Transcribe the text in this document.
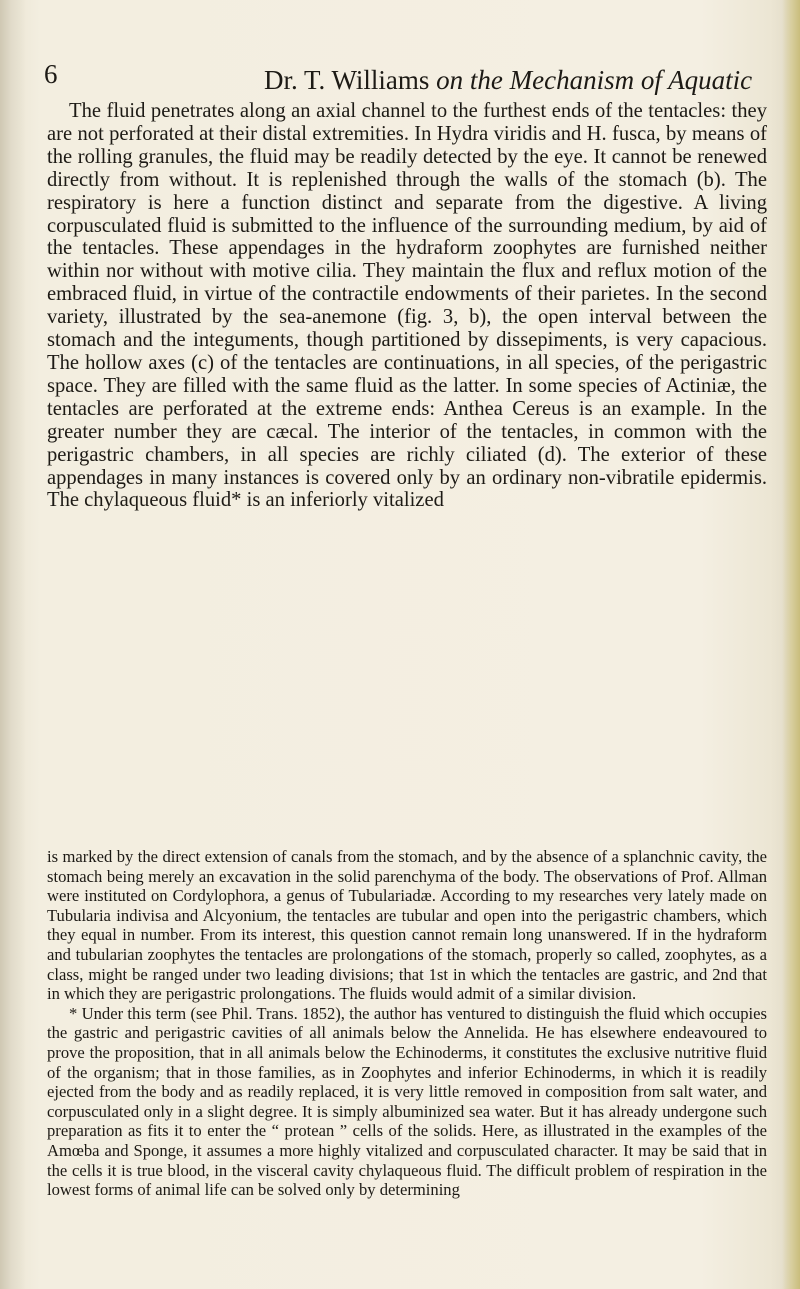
6	Dr. T. Williams on the Mechanism of Aquatic

The fluid penetrates along an axial channel to the furthest ends of the tentacles: they are not perforated at their distal extremities. In Hydra viridis and H. fusca, by means of the rolling granules, the fluid may be readily detected by the eye. It cannot be renewed directly from without. It is replenished through the walls of the stomach (b). The respiratory is here a function distinct and separate from the digestive. A living corpusculated fluid is submitted to the influence of the surrounding medium, by aid of the tentacles. These appendages in the hydraform zoophytes are furnished neither within nor without with motive cilia. They maintain the flux and reflux motion of the embraced fluid, in virtue of the contractile endowments of their parietes. In the second variety, illustrated by the sea-anemone (fig. 3, b), the open interval between the stomach and the integuments, though partitioned by dissepiments, is very capacious. The hollow axes (c) of the tentacles are continuations, in all species, of the perigastric space. They are filled with the same fluid as the latter. In some species of Actiniæ, the tentacles are perforated at the extreme ends: Anthea Cereus is an example. In the greater number they are cæcal. The interior of the tentacles, in common with the perigastric chambers, in all species are richly ciliated (d). The exterior of these appendages in many instances is covered only by an ordinary non-vibratile epidermis. The chylaqueous fluid* is an inferiorly vitalized

is marked by the direct extension of canals from the stomach, and by the absence of a splanchnic cavity, the stomach being merely an excavation in the solid parenchyma of the body. The observations of Prof. Allman were instituted on Cordylophora, a genus of Tubulariadæ. According to my researches very lately made on Tubularia indivisa and Alcyonium, the tentacles are tubular and open into the perigastric chambers, which they equal in number. From its interest, this question cannot remain long unanswered. If in the hydraform and tubularian zoophytes the tentacles are prolongations of the stomach, properly so called, zoophytes, as a class, might be ranged under two leading divisions; that 1st in which the tentacles are gastric, and 2nd that in which they are perigastric prolongations. The fluids would admit of a similar division.

* Under this term (see Phil. Trans. 1852), the author has ventured to distinguish the fluid which occupies the gastric and perigastric cavities of all animals below the Annelida. He has elsewhere endeavoured to prove the proposition, that in all animals below the Echinoderms, it constitutes the exclusive nutritive fluid of the organism; that in those families, as in Zoophytes and inferior Echinoderms, in which it is readily ejected from the body and as readily replaced, it is very little removed in composition from salt water, and corpusculated only in a slight degree. It is simply albuminized sea water. But it has already undergone such preparation as fits it to enter the “ protean ” cells of the solids. Here, as illustrated in the examples of the Amœba and Sponge, it assumes a more highly vitalized and corpusculated character. It may be said that in the cells it is true blood, in the visceral cavity chylaqueous fluid. The difficult problem of respiration in the lowest forms of animal life can be solved only by determining
